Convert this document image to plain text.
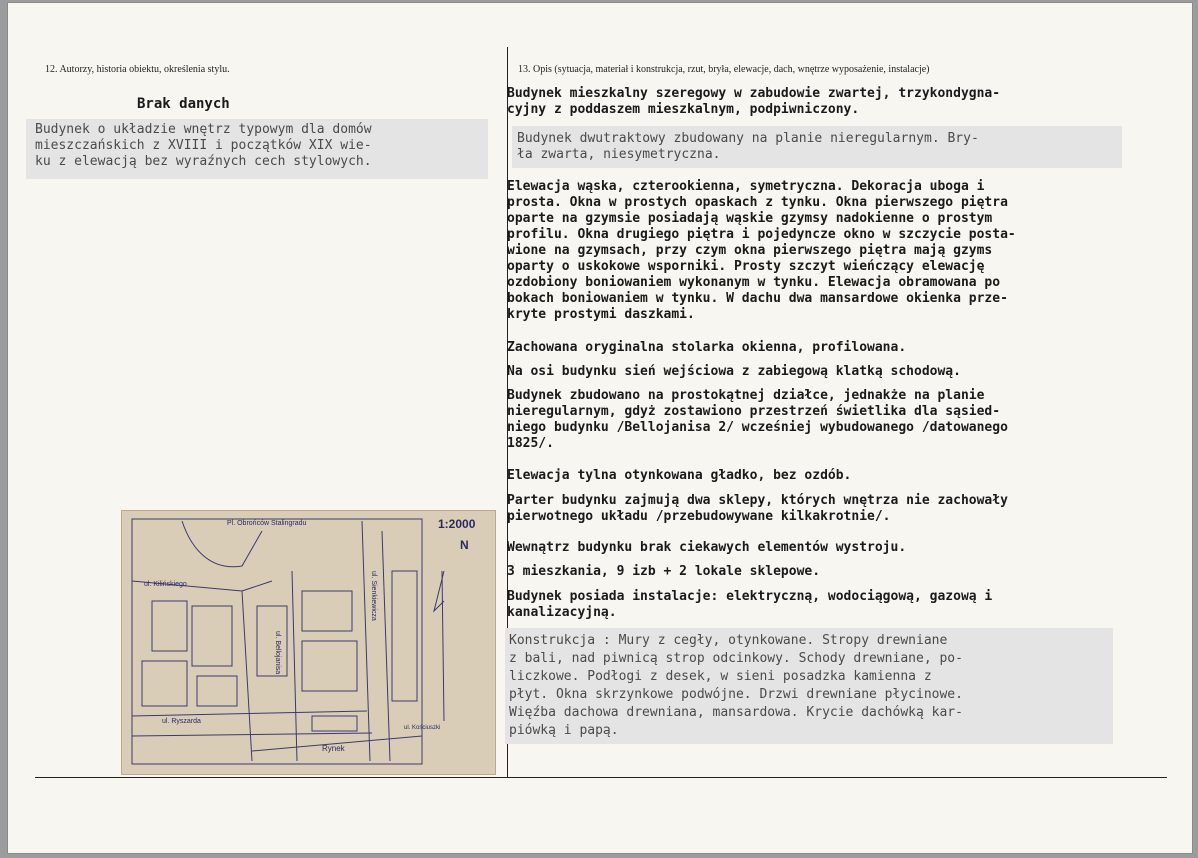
12. Autorzy, historia obiektu, określenia stylu.	13. Opis (sytuacja, materiał i konstrukcja, rzut, bryła, elewacje, dach, wnętrze wyposażenie, instalacje)
Brak danych
Budynek o układzie wnętrz typowym dla domów
mieszczańskich z XVIII i początków XIX wie-
ku z elewacją bez wyraźnych cech stylowych.
1:2000
N
Pl. Obrońców Stalingradu
ul. Kilińskiego
ul. Bellojanisa
ul. Ryszarda
ul. Sienkiewicza
Rynek
ul. Kościuszki
Budynek mieszkalny szeregowy w zabudowie zwartej, trzykondygna-
cyjny z poddaszem mieszkalnym, podpiwniczony.
Budynek dwutraktowy zbudowany na planie nieregularnym. Bry-
ła zwarta, niesymetryczna.
Elewacja wąska, czterookienna, symetryczna. Dekoracja uboga i
prosta. Okna w prostych opaskach z tynku. Okna pierwszego piętra
oparte na gzymsie posiadają wąskie gzymsy nadokienne o prostym
profilu. Okna drugiego piętra i pojedyncze okno w szczycie posta-
wione na gzymsach, przy czym okna pierwszego piętra mają gzyms
oparty o uskokowe wsporniki. Prosty szczyt wieńczący elewację
ozdobiony boniowaniem wykonanym w tynku. Elewacja obramowana po
bokach boniowaniem w tynku. W dachu dwa mansardowe okienka prze-
kryte prostymi daszkami.
Zachowana oryginalna stolarka okienna, profilowana.
Na osi budynku sień wejściowa z zabiegową klatką schodową.
Budynek zbudowano na prostokątnej działce, jednakże na planie
nieregularnym, gdyż zostawiono przestrzeń świetlika dla sąsied-
niego budynku /Bellojanisa 2/ wcześniej wybudowanego /datowanego
1825/.
Elewacja tylna otynkowana gładko, bez ozdób.
Parter budynku zajmują dwa sklepy, których wnętrza nie zachowały
pierwotnego układu /przebudowywane kilkakrotnie/.
Wewnątrz budynku brak ciekawych elementów wystroju.
3 mieszkania, 9 izb + 2 lokale sklepowe.
Budynek posiada instalacje: elektryczną, wodociągową, gazową i
kanalizacyjną.
Konstrukcja : Mury z cegły, otynkowane. Stropy drewniane
z bali, nad piwnicą strop odcinkowy. Schody drewniane, po-
liczkowe. Podłogi z desek, w sieni posadzka kamienna z
płyt. Okna skrzynkowe podwójne. Drzwi drewniane płycinowe.
Więźba dachowa drewniana, mansardowa. Krycie dachówką kar-
piówką i papą.
